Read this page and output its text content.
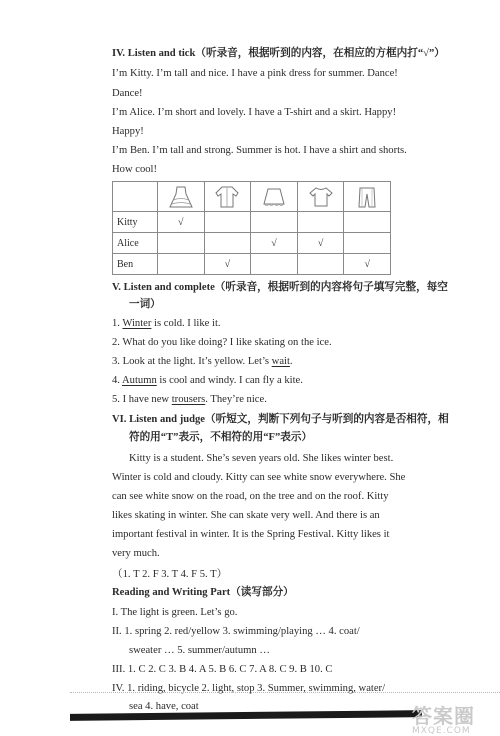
IV. Listen and tick（听录音，根据听到的内容，在相应的方框内打“√”）
I’m Kitty. I’m tall and nice. I have a pink dress for summer. Dance!
Dance!
I’m Alice. I’m short and lovely. I have a T-shirt and a skirt. Happy!
Happy!
I’m Ben. I’m tall and strong. Summer is hot. I have a shirt and shorts.
How cool!

Kitty	√				
Alice			√	√	
Ben		√			√
V. Listen and complete（听录音，根据听到的内容将句子填写完整，每空
一词）
1. Winter is cold. I like it.
2. What do you like doing? I like skating on the ice.
3. Look at the light. It’s yellow. Let’s wait.
4. Autumn is cool and windy. I can fly a kite.
5. I have new trousers. They’re nice.
VI. Listen and judge（听短文，判断下列句子与听到的内容是否相符，相
符的用“T”表示，不相符的用“F”表示）
Kitty is a student. She’s seven years old. She likes winter best.
Winter is cold and cloudy. Kitty can see white snow everywhere. She
can see white snow on the road, on the tree and on the roof. Kitty
likes skating in winter. She can skate very well. And there is an
important festival in winter. It is the Spring Festival. Kitty likes it
very much.
（1. T 2. F 3. T 4. F 5. T）
Reading and Writing Part（读写部分）
I. The light is green. Let’s go.
II. 1. spring 2. red/yellow 3. swimming/playing … 4. coat/
sweater … 5. summer/autumn …
III. 1. C 2. C 3. B 4. A 5. B 6. C 7. A 8. C 9. B 10. C
IV. 1. riding, bicycle 2. light, stop 3. Summer, swimming, water/
sea 4. have, coat	答案圈
MXQE.COM
